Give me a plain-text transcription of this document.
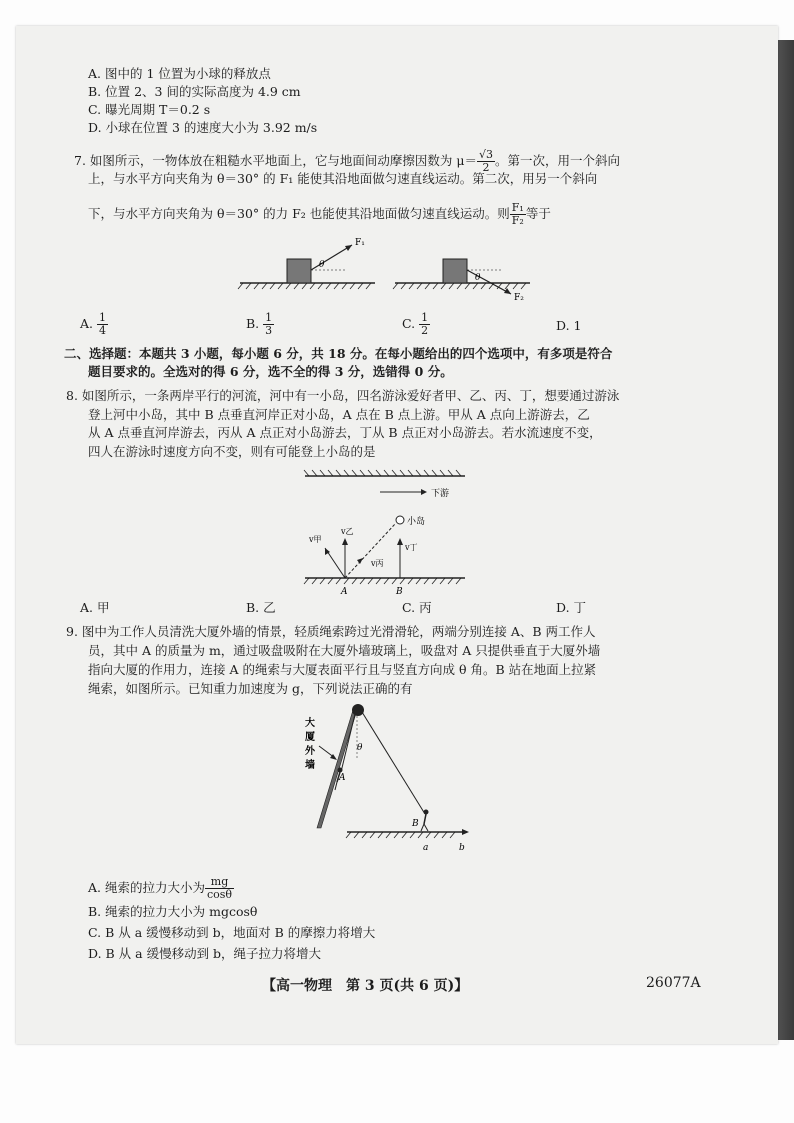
A. 图中的 1 位置为小球的释放点
B. 位置 2、3 间的实际高度为 4.9 cm
C. 曝光周期 T＝0.2 s
D. 小球在位置 3 的速度大小为 3.92 m/s
7. 如图所示，一物体放在粗糙水平地面上，它与地面间动摩擦因数为 $\mu= \frac{√3}{2}$ 。第一次，用一个斜向
上，与水平方向夹角为 θ＝30° 的 F₁ 能使其沿地面做匀速直线运动。第二次，用另一个斜向
下，与水平方向夹角为 θ＝30° 的力 F₂ 也能使其沿地面做匀速直线运动。则 $\frac{\text{F₁}}{\text{F₂}}$ 等于
F₁
θ
F₂
θ
A. $\frac{1}{4}$	B. $\frac{1}{3}$	C. $\frac{1}{2}$	D. 1
二、选择题：本题共 3 小题，每小题 6 分，共 18 分。在每小题给出的四个选项中，有多项是符合
题目要求的。全选对的得 6 分，选不全的得 3 分，选错得 0 分。
8. 如图所示，一条两岸平行的河流，河中有一小岛，四名游泳爱好者甲、乙、丙、丁，想要通过游泳
登上河中小岛，其中 B 点垂直河岸正对小岛，A 点在 B 点上游。甲从 A 点向上游游去，乙
从 A 点垂直河岸游去，丙从 A 点正对小岛游去，丁从 B 点正对小岛游去。若水流速度不变，
四人在游泳时速度方向不变，则有可能登上小岛的是
下游
小岛
v甲
v乙
v丙
v丁
A	B
A. 甲	B. 乙	C. 丙	D. 丁
9. 图中为工作人员清洗大厦外墙的情景，轻质绳索跨过光滑滑轮，两端分别连接 A、B 两工作人
员，其中 A 的质量为 m，通过吸盘吸附在大厦外墙玻璃上，吸盘对 A 只提供垂直于大厦外墙
指向大厦的作用力，连接 A 的绳索与大厦表面平行且与竖直方向成 θ 角。B 站在地面上拉紧
绳索，如图所示。已知重力加速度为 g，下列说法正确的有
大
厦
外
墙
θ
A
B
a	b
A. 绳索的拉力大小为 $\frac{mg}{\cos\theta}$
B. 绳索的拉力大小为 mgcosθ
C. B 从 a 缓慢移动到 b，地面对 B 的摩擦力将增大
D. B 从 a 缓慢移动到 b，绳子拉力将增大
【高一物理　第 3 页(共 6 页)】	26077A
